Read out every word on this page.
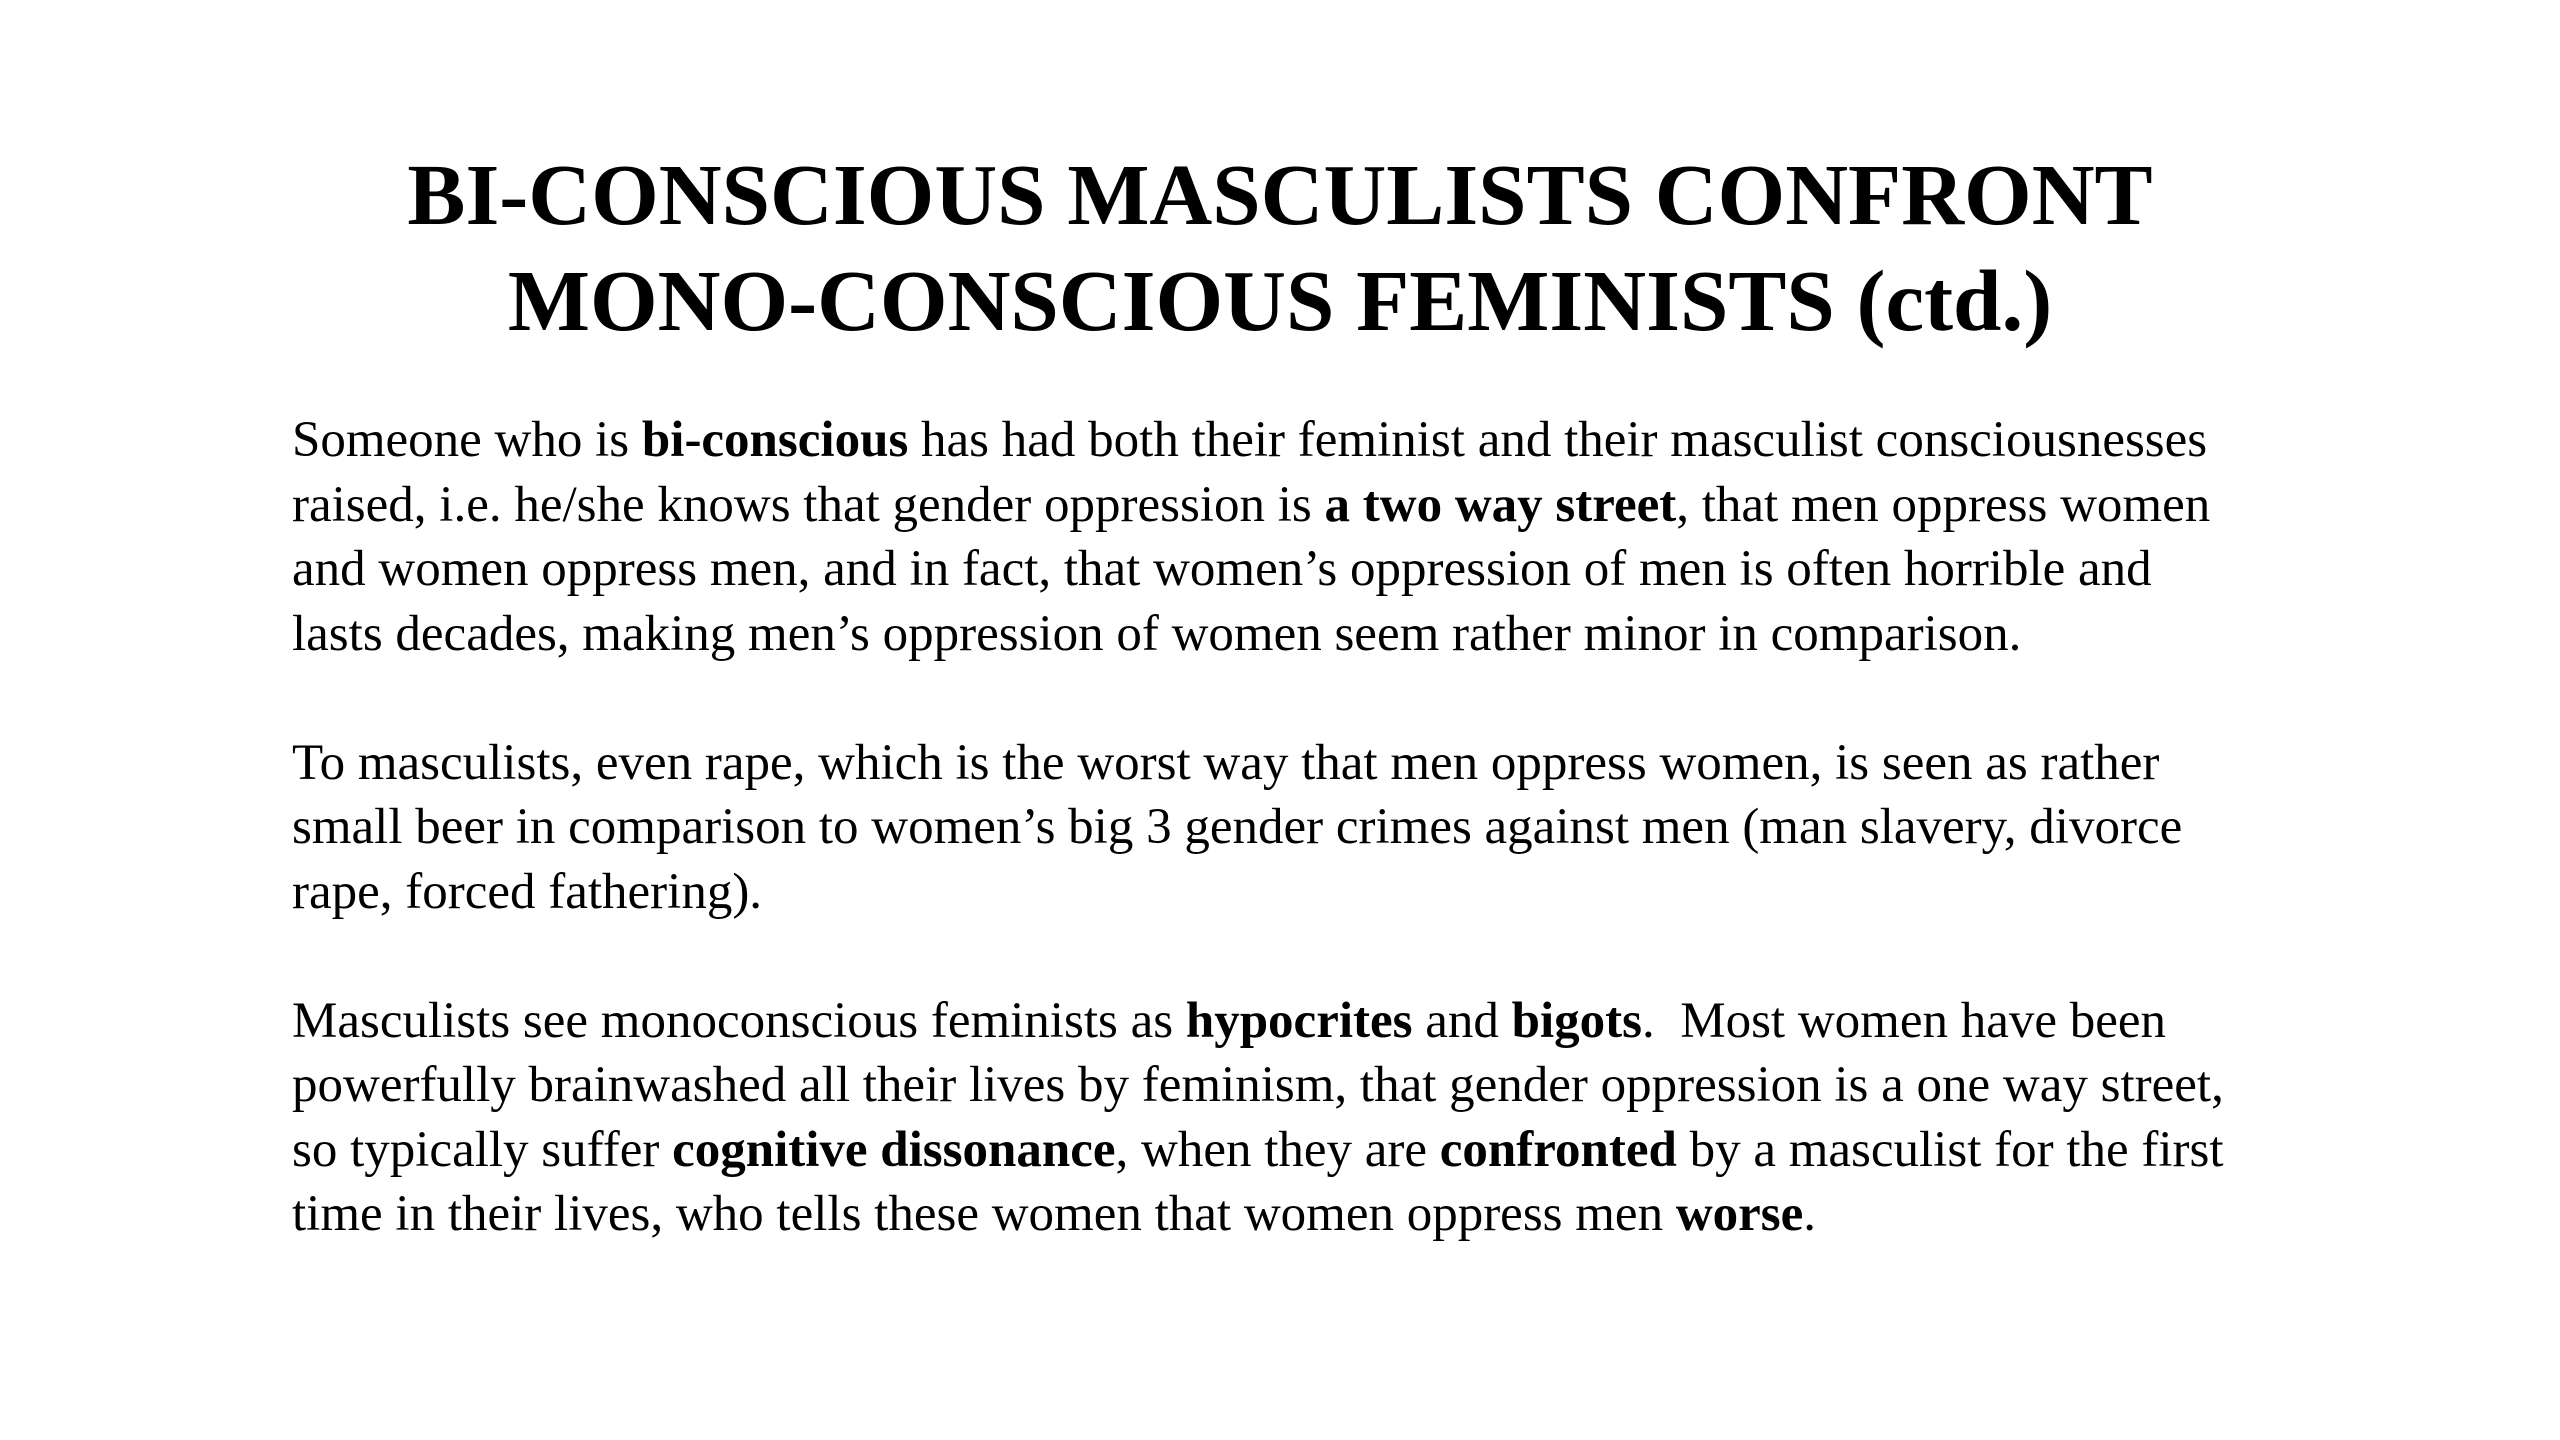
BI-CONSCIOUS MASCULISTS CONFRONT
MONO-CONSCIOUS FEMINISTS (ctd.)

Someone who is bi-conscious has had both their feminist and their masculist consciousnesses
raised, i.e. he/she knows that gender oppression is a two way street, that men oppress women
and women oppress men, and in fact, that women’s oppression of men is often horrible and
lasts decades, making men’s oppression of women seem rather minor in comparison.

To masculists, even rape, which is the worst way that men oppress women, is seen as rather
small beer in comparison to women’s big 3 gender crimes against men (man slavery, divorce
rape, forced fathering).

Masculists see monoconscious feminists as hypocrites and bigots.  Most women have been
powerfully brainwashed all their lives by feminism, that gender oppression is a one way street,
so typically suffer cognitive dissonance, when they are confronted by a masculist for the first
time in their lives, who tells these women that women oppress men worse.
